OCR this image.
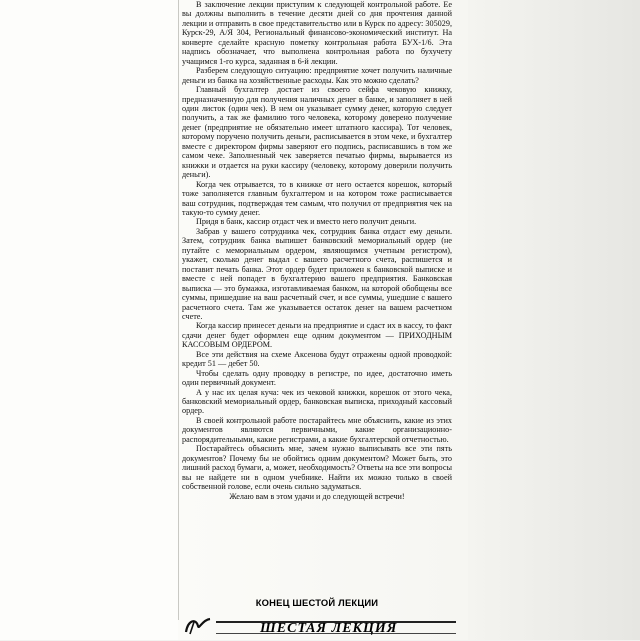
В заключение лекции приступим к следующей контрольной работе. Ее вы должны выполнить в течение десяти дней со дня прочтения данной лекции и отправить в свое представительство или в Курск по адресу: 305029, Курск-29, А/Я 304, Региональный финансово-экономический институт. На конверте сделайте красную пометку контрольная работа БУХ-1/6. Эта надпись обозначает, что выполнена контрольная работа по бухучету учащимся 1-го курса, заданная в 6-й лекции.

Разберем следующую ситуацию: предприятие хочет получить наличные деньги из банка на хозяйственные расходы. Как это можно сделать?

Главный бухгалтер достает из своего сейфа чековую книжку, предназначенную для получения наличных денег в банке, и заполняет в ней один листок (один чек). В нем он указывает сумму денег, которую следует получить, а так же фамилию того человека, которому доверено получение денег (предприятие не обязательно имеет штатного кассира). Тот человек, которому поручено получить деньги, расписывается в этом чеке, и бухгалтер вместе с директором фирмы заверяют его подпись, расписавшись в том же самом чеке. Заполненный чек заверяется печатью фирмы, вырывается из книжки и отдается на руки кассиру (человеку, которому доверили получить деньги).

Когда чек отрывается, то в книжке от него остается корешок, который тоже заполняется главным бухгалтером и на котором тоже расписывается ваш сотрудник, подтверждая тем самым, что получил от предприятия чек на такую-то сумму денег.

Придя в банк, кассир отдаст чек и вместо него получит деньги.

Забрав у вашего сотрудника чек, сотрудник банка отдаст ему деньги. Затем, сотрудник банка выпишет банковский мемориальный ордер (не путайте с мемориальным ордером, являющимся учетным регистром), укажет, сколько денег выдал с вашего расчетного счета, распишется и поставит печать банка. Этот ордер будет приложен к банковской выписке и вместе с ней попадет в бухгалтерию вашего предприятия. Банковская выписка — это бумажка, изготавливаемая банком, на которой обобщены все суммы, пришедшие на ваш расчетный счет, и все суммы, ушедшие с вашего расчетного счета. Там же указывается остаток денег на вашем расчетном счете.

Когда кассир принесет деньги на предприятие и сдаст их в кассу, то факт сдачи денег будет оформлен еще одним документом — ПРИХОДНЫМ КАССОВЫМ ОРДЕРОМ.

Все эти действия на схеме Аксенова будут отражены одной проводкой: кредит 51 — дебет 50.

Чтобы сделать одну проводку в регистре, по идее, достаточно иметь один первичный документ.

А у нас их целая куча: чек из чековой книжки, корешок от этого чека, банковский мемориальный ордер, банковская выписка, приходный кассовый ордер.

В своей контрольной работе постарайтесь мне объяснить, какие из этих документов являются первичными, какие организационно-распорядительными, какие регистрами, а какие бухгалтерской отчетностью.

Постарайтесь объяснить мне, зачем нужно выписывать все эти пять документов? Почему бы не обойтись одним документом? Может быть, это лишний расход бумаги, а, может, необходимость? Ответы на все эти вопросы вы не найдете ни в одном учебнике. Найти их можно только в своей собственной голове, если очень сильно задуматься.

Желаю вам в этом удачи и до следующей встречи!

КОНЕЦ ШЕСТОЙ ЛЕКЦИИ
ШЕСТАЯ ЛЕКЦИЯ
